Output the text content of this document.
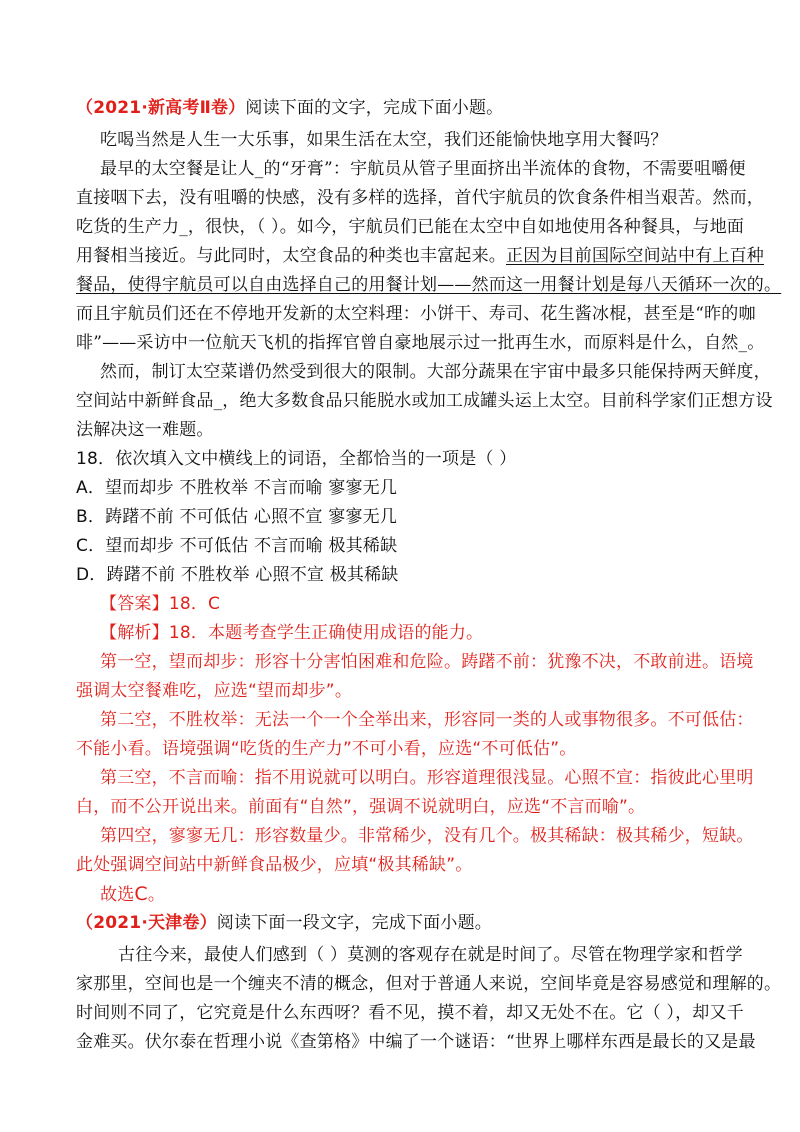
（2021·新高考Ⅱ卷）阅读下面的文字，完成下面小题。
吃喝当然是人生一大乐事，如果生活在太空，我们还能愉快地享用大餐吗？
最早的太空餐是让人_的“牙膏”：宇航员从管子里面挤出半流体的食物，不需要咀嚼便
直接咽下去，没有咀嚼的快感，没有多样的选择，首代宇航员的饮食条件相当艰苦。然而，
吃货的生产力_，很快，（ ）。如今，宇航员们已能在太空中自如地使用各种餐具，与地面
用餐相当接近。与此同时，太空食品的种类也丰富起来。正因为目前国际空间站中有上百种
餐品，使得宇航员可以自由选择自己的用餐计划——然而这一用餐计划是每八天循环一次的。
而且宇航员们还在不停地开发新的太空料理：小饼干、寿司、花生酱冰棍，甚至是“昨的咖
啡”——采访中一位航天飞机的指挥官曾自豪地展示过一批再生水，而原料是什么，自然_。
然而，制订太空菜谱仍然受到很大的限制。大部分蔬果在宇宙中最多只能保持两天鲜度，
空间站中新鲜食品_，绝大多数食品只能脱水或加工成罐头运上太空。目前科学家们正想方设
法解决这一难题。
18．依次填入文中横线上的词语，全都恰当的一项是（ ）
A．望而却步 不胜枚举 不言而喻 寥寥无几
B．踌躇不前 不可低估 心照不宣 寥寥无几
C．望而却步 不可低估 不言而喻 极其稀缺
D．踌躇不前 不胜枚举 心照不宣 极其稀缺
【答案】18．C
【解析】18．本题考查学生正确使用成语的能力。
第一空，望而却步：形容十分害怕困难和危险。踌躇不前：犹豫不决，不敢前进。语境
强调太空餐难吃，应选“望而却步”。
第二空，不胜枚举：无法一个一个全举出来，形容同一类的人或事物很多。不可低估：
不能小看。语境强调“吃货的生产力”不可小看，应选“不可低估”。
第三空，不言而喻：指不用说就可以明白。形容道理很浅显。心照不宣：指彼此心里明
白，而不公开说出来。前面有“自然”，强调不说就明白，应选“不言而喻”。
第四空，寥寥无几：形容数量少。非常稀少，没有几个。极其稀缺：极其稀少，短缺。
此处强调空间站中新鲜食品极少，应填“极其稀缺”。
故选C。
（2021·天津卷）阅读下面一段文字，完成下面小题。
古往今来，最使人们感到（ ）莫测的客观存在就是时间了。尽管在物理学家和哲学
家那里，空间也是一个缠夹不清的概念，但对于普通人来说，空间毕竟是容易感觉和理解的。
时间则不同了，它究竟是什么东西呀？看不见，摸不着，却又无处不在。它（ ），却又千
金难买。伏尔泰在哲理小说《查第格》中编了一个谜语：“世界上哪样东西是最长的又是最
